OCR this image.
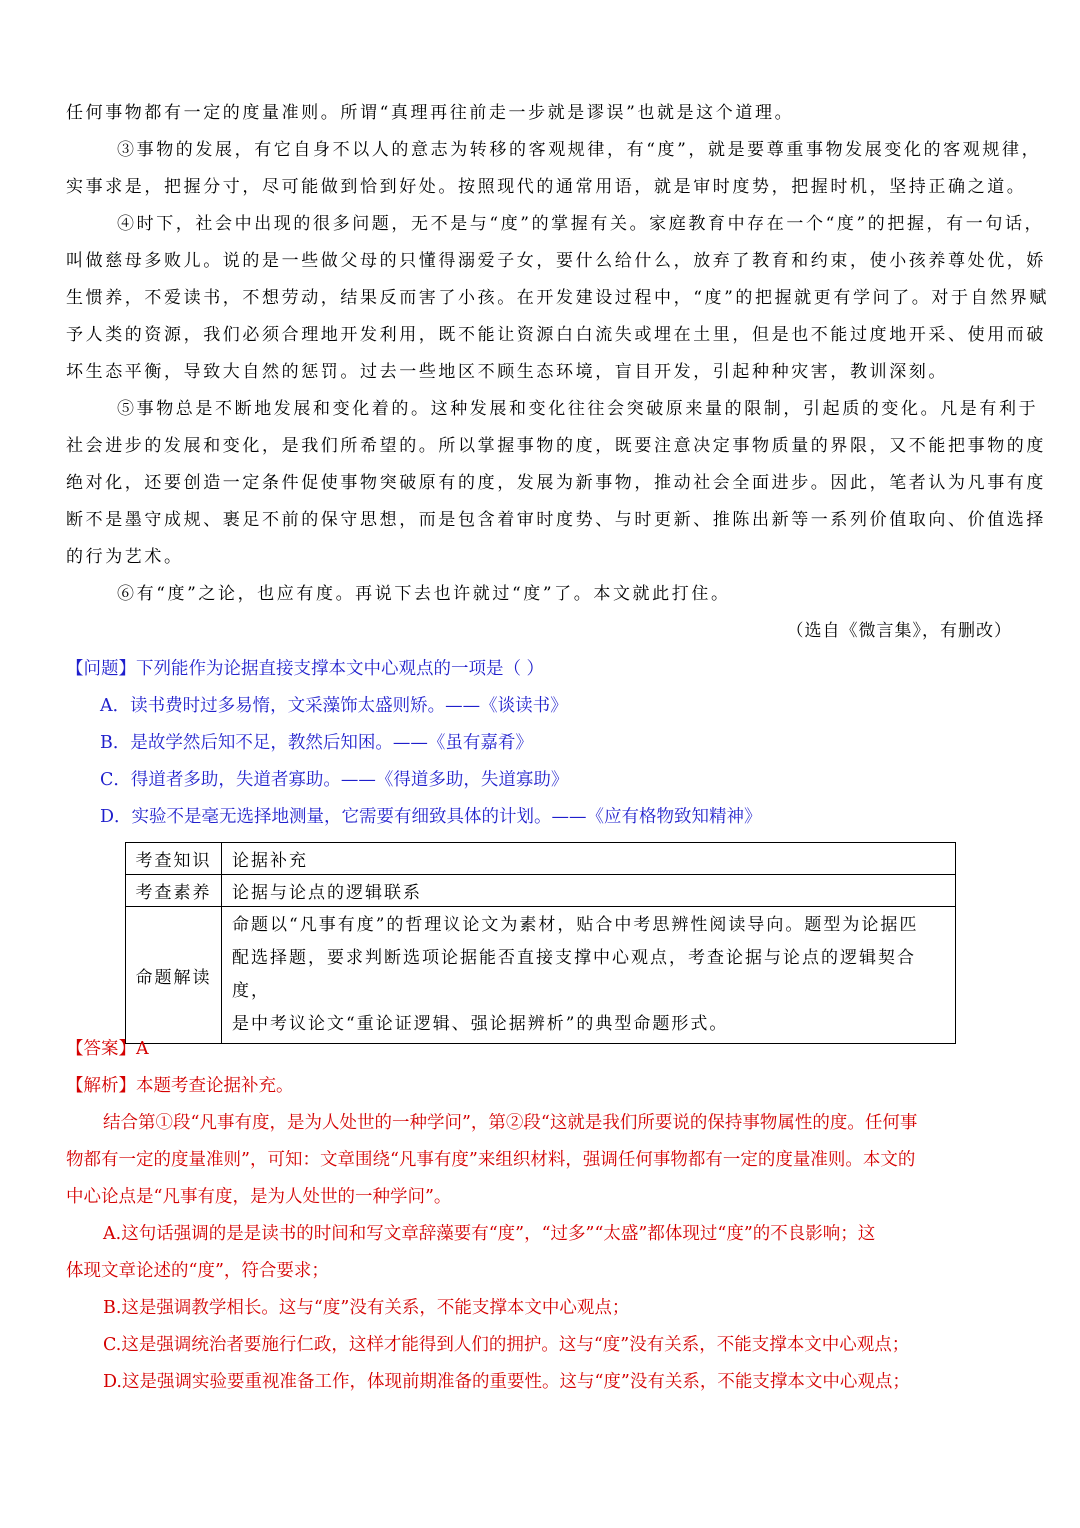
任何事物都有一定的度量准则。所谓“真理再往前走一步就是谬误”也就是这个道理。
③事物的发展，有它自身不以人的意志为转移的客观规律，有“度”，就是要尊重事物发展变化的客观规律，
实事求是，把握分寸，尽可能做到恰到好处。按照现代的通常用语，就是审时度势，把握时机，坚持正确之道。
④时下，社会中出现的很多问题，无不是与“度”的掌握有关。家庭教育中存在一个“度”的把握，有一句话，
叫做慈母多败儿。说的是一些做父母的只懂得溺爱子女，要什么给什么，放弃了教育和约束，使小孩养尊处优，娇
生惯养，不爱读书，不想劳动，结果反而害了小孩。在开发建设过程中，“度”的把握就更有学问了。对于自然界赋
予人类的资源，我们必须合理地开发利用，既不能让资源白白流失或埋在土里，但是也不能过度地开采、使用而破
坏生态平衡，导致大自然的惩罚。过去一些地区不顾生态环境，盲目开发，引起种种灾害，教训深刻。
⑤事物总是不断地发展和变化着的。这种发展和变化往往会突破原来量的限制，引起质的变化。凡是有利于
社会进步的发展和变化，是我们所希望的。所以掌握事物的度，既要注意决定事物质量的界限，又不能把事物的度
绝对化，还要创造一定条件促使事物突破原有的度，发展为新事物，推动社会全面进步。因此，笔者认为凡事有度
断不是墨守成规、裹足不前的保守思想，而是包含着审时度势、与时更新、推陈出新等一系列价值取向、价值选择
的行为艺术。
⑥有“度”之论，也应有度。再说下去也许就过“度”了。本文就此打住。
（选自《微言集》，有删改）
【问题】下列能作为论据直接支撑本文中心观点的一项是（ ）
A．读书费时过多易惰，文采藻饰太盛则矫。——《谈读书》
B．是故学然后知不足，教然后知困。——《虽有嘉肴》
C．得道者多助，失道者寡助。——《得道多助，失道寡助》
D．实验不是毫无选择地测量，它需要有细致具体的计划。——《应有格物致知精神》
考查知识	论据补充
考查素养	论据与论点的逻辑联系
命题解读	命题以“凡事有度”的哲理议论文为素材，贴合中考思辨性阅读导向。题型为论据匹
配选择题，要求判断选项论据能否直接支撑中心观点，考查论据与论点的逻辑契合度，
是中考议论文“重论证逻辑、强论据辨析”的典型命题形式。
【答案】A
【解析】本题考查论据补充。
结合第①段“凡事有度，是为人处世的一种学问”，第②段“这就是我们所要说的保持事物属性的度。任何事
物都有一定的度量准则”，可知：文章围绕“凡事有度”来组织材料，强调任何事物都有一定的度量准则。本文的
中心论点是“凡事有度，是为人处世的一种学问”。
A.这句话强调的是是读书的时间和写文章辞藻要有“度”，“过多”“太盛”都体现过“度”的不良影响；这
体现文章论述的“度”，符合要求；
B.这是强调教学相长。这与“度”没有关系，不能支撑本文中心观点；
C.这是强调统治者要施行仁政，这样才能得到人们的拥护。这与“度”没有关系，不能支撑本文中心观点；
D.这是强调实验要重视准备工作，体现前期准备的重要性。这与“度”没有关系，不能支撑本文中心观点；
